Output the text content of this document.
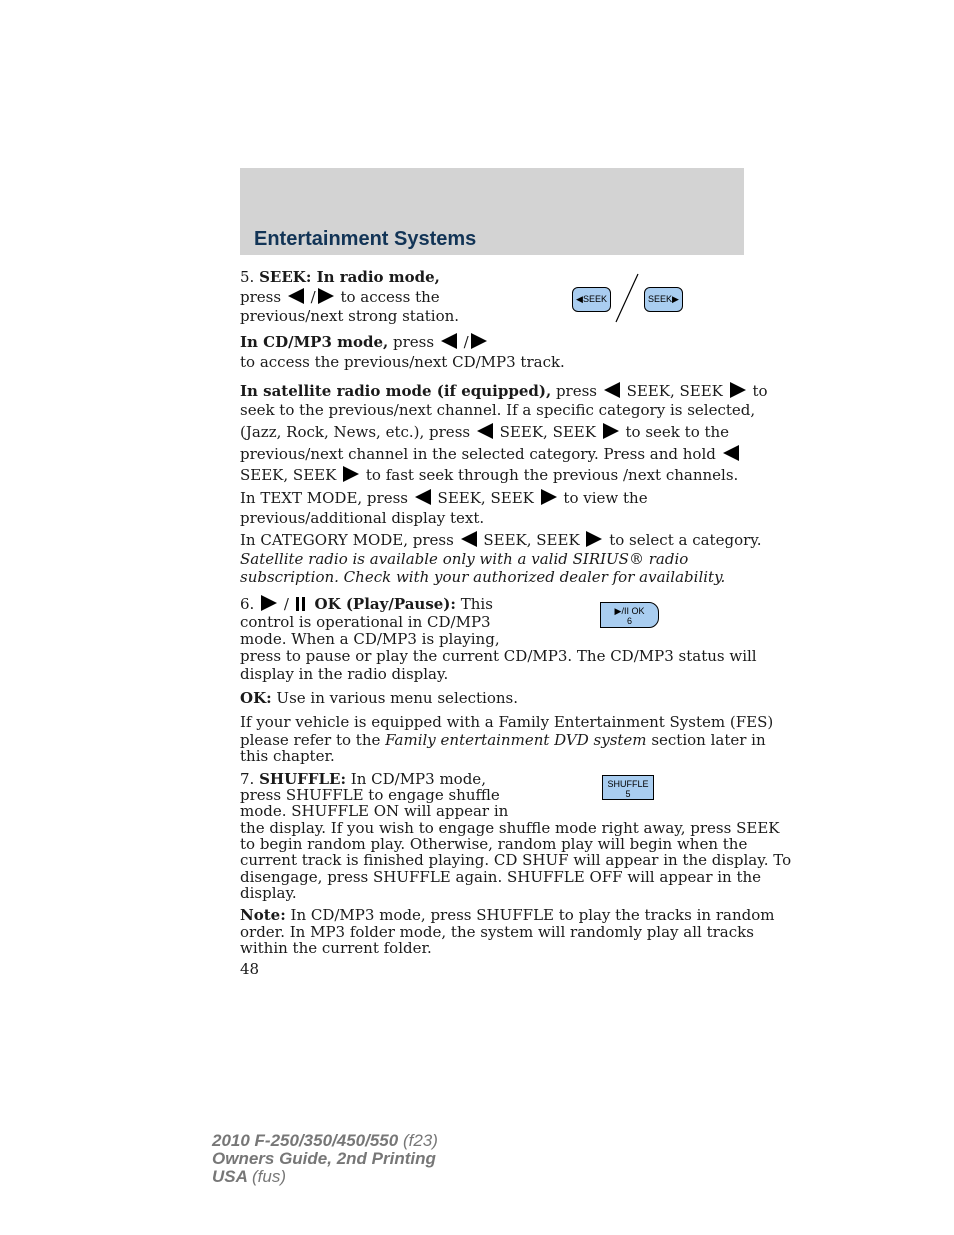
Entertainment Systems
5. SEEK: In radio mode,
press / to access the
previous/next strong station.
◀SEEK	SEEK▶
In CD/MP3 mode, press /
to access the previous/next CD/MP3 track.
In satellite radio mode (if equipped), press SEEK, SEEK to
seek to the previous/next channel. If a specific category is selected,
(Jazz, Rock, News, etc.), press SEEK, SEEK to seek to the
previous/next channel in the selected category. Press and hold
SEEK, SEEK to fast seek through the previous /next channels.
In TEXT MODE, press SEEK, SEEK to view the
previous/additional display text.
In CATEGORY MODE, press SEEK, SEEK to select a category.
Satellite radio is available only with a valid SIRIUS® radio
subscription. Check with your authorized dealer for availability.
6. / OK (Play/Pause): This
control is operational in CD/MP3
mode. When a CD/MP3 is playing,
press to pause or play the current CD/MP3. The CD/MP3 status will
display in the radio display.
▶/II OK
6
OK: Use in various menu selections.
If your vehicle is equipped with a Family Entertainment System (FES)
please refer to the Family entertainment DVD system section later in
this chapter.
7. SHUFFLE: In CD/MP3 mode,
press SHUFFLE to engage shuffle
mode. SHUFFLE ON will appear in
the display. If you wish to engage shuffle mode right away, press SEEK
to begin random play. Otherwise, random play will begin when the
current track is finished playing. CD SHUF will appear in the display. To
disengage, press SHUFFLE again. SHUFFLE OFF will appear in the
display.
SHUFFLE
5
Note: In CD/MP3 mode, press SHUFFLE to play the tracks in random
order. In MP3 folder mode, the system will randomly play all tracks
within the current folder.
48
2010 F-250/350/450/550 (f23)
Owners Guide, 2nd Printing
USA (fus)
